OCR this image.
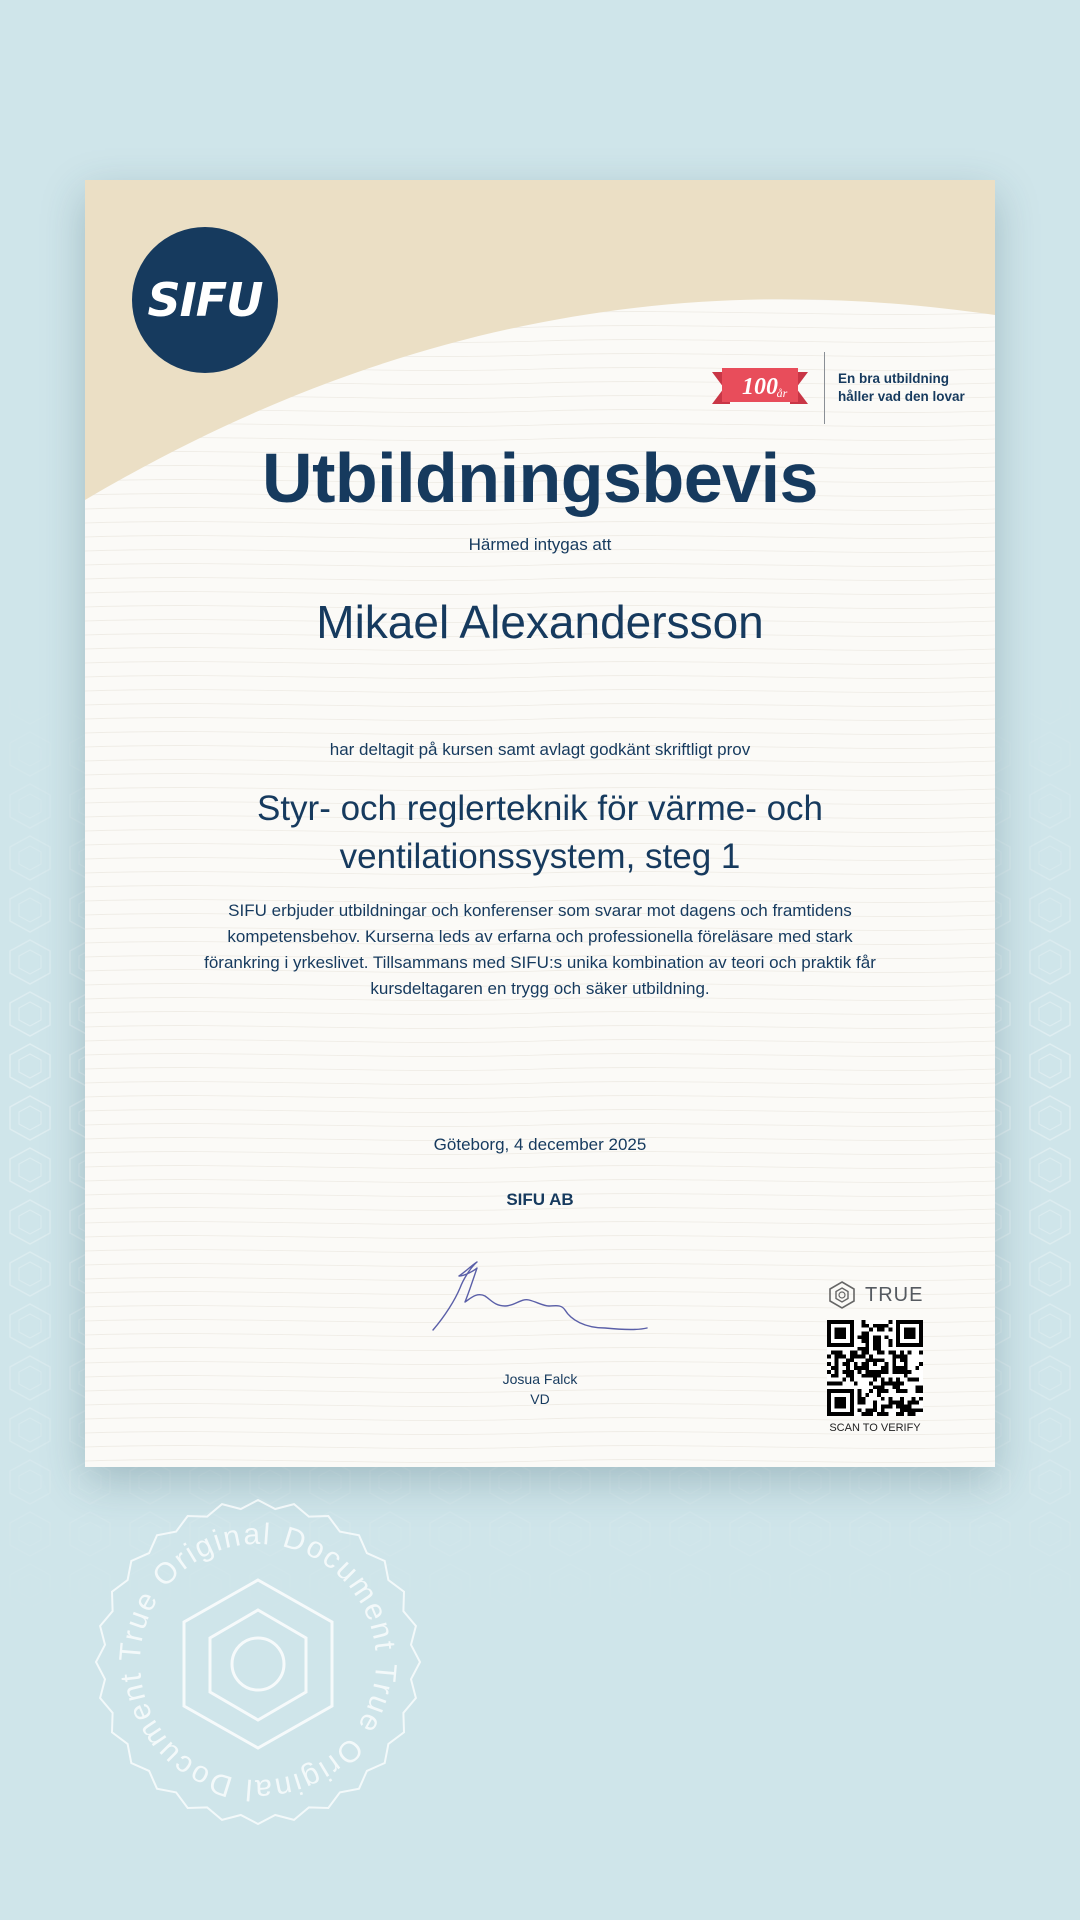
SIFU
100
år
En bra utbildning
håller vad den lovar
Utbildningsbevis
Härmed intygas att
Mikael Alexandersson
har deltagit på kursen samt avlagt godkänt skriftligt prov
Styr- och reglerteknik för värme- och ventilationssystem, steg 1
SIFU erbjuder utbildningar och konferenser som svarar mot dagens och framtidens kompetensbehov. Kurserna leds av erfarna och professionella föreläsare med stark förankring i yrkeslivet. Tillsammans med SIFU:s unika kombination av teori och praktik får kursdeltagaren en trygg och säker utbildning.
Göteborg, 4 december 2025
SIFU AB
Josua Falck
VD
TRUE
SCAN TO VERIFY
True Original Document True Original Document
